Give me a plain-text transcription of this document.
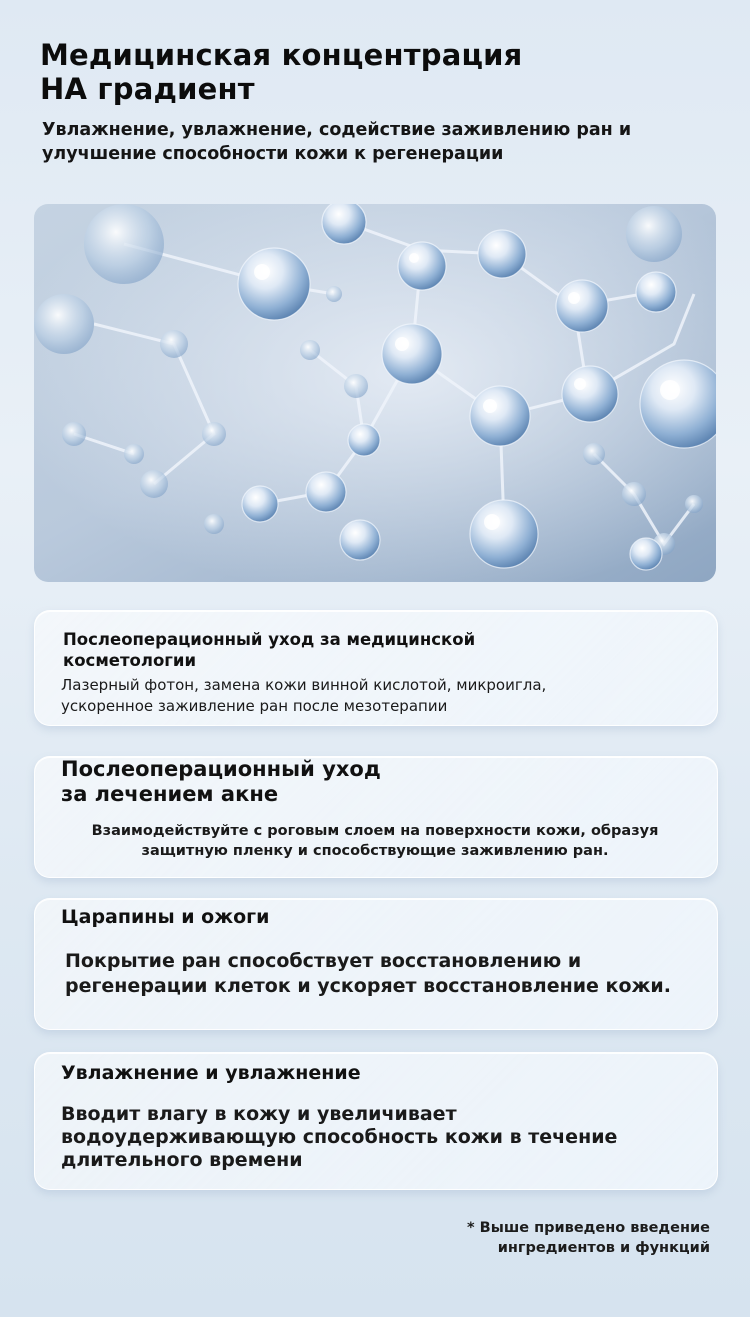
Медицинская концентрация
НА градиент
Увлажнение, увлажнение, содействие заживлению ран и
улучшение способности кожи к регенерации
Послеоперационный уход за медицинской
косметологии
Лазерный фотон, замена кожи винной кислотой, микроигла,
ускоренное заживление ран после мезотерапии
Послеоперационный уход
за лечением акне
Взаимодействуйте с роговым слоем на поверхности кожи, образуя
защитную пленку и способствующие заживлению ран.
Царапины и ожоги
Покрытие ран способствует восстановлению и
регенерации клеток и ускоряет восстановление кожи.
Увлажнение и увлажнение
Вводит влагу в кожу и увеличивает
водоудерживающую способность кожи в течение
длительного времени
* Выше приведено введение
ингредиентов и функций
